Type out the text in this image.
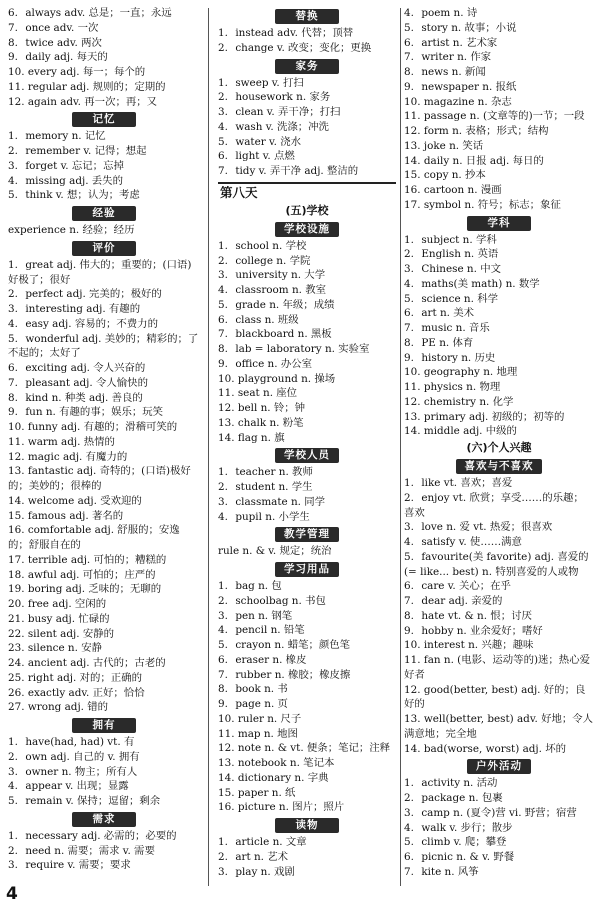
6. always adv. 总是；一直；永远
7. once adv. 一次
8. twice adv. 两次
9. daily adj. 每天的
10. every adj. 每一；每个的
11. regular adj. 规则的；定期的
12. again adv. 再一次；再；又
记忆
1. memory n. 记忆
2. remember v. 记得；想起
3. forget v. 忘记；忘掉
4. missing adj. 丢失的
5. think v. 想；认为；考虑
经验
experience n. 经验；经历
评价
1. great adj. 伟大的；重要的；(口语)好极了；很好
2. perfect adj. 完美的；极好的
3. interesting adj. 有趣的
4. easy adj. 容易的；不费力的
5. wonderful adj. 美妙的；精彩的；了不起的；太好了
6. exciting adj. 令人兴奋的
7. pleasant adj. 令人愉快的
8. kind n. 种类 adj. 善良的
9. fun n. 有趣的事；娱乐；玩笑
10. funny adj. 有趣的；滑稽可笑的
11. warm adj. 热情的
12. magic adj. 有魔力的
13. fantastic adj. 奇特的；(口语)极好的；美妙的；很棒的
14. welcome adj. 受欢迎的
15. famous adj. 著名的
16. comfortable adj. 舒服的；安逸的；舒服自在的
17. terrible adj. 可怕的；糟糕的
18. awful adj. 可怕的；庄严的
19. boring adj. 乏味的；无聊的
20. free adj. 空闲的
21. busy adj. 忙碌的
22. silent adj. 安静的
23. silence n. 安静
24. ancient adj. 古代的；古老的
25. right adj. 对的；正确的
26. exactly adv. 正好；恰恰
27. wrong adj. 错的
拥有
1. have(had, had) vt. 有
2. own adj. 自己的 v. 拥有
3. owner n. 物主；所有人
4. appear v. 出现；显露
5. remain v. 保持；逗留；剩余
需求
1. necessary adj. 必需的；必要的
2. need n. 需要；需求 v. 需要
3. require v. 需要；要求
替换
1. instead adv. 代替；顶替
2. change v. 改变；变化；更换
家务
1. sweep v. 打扫
2. housework n. 家务
3. clean v. 弄干净；打扫
4. wash v. 洗涤；冲洗
5. water v. 浇水
6. light v. 点燃
7. tidy v. 弄干净 adj. 整洁的
第八天
(五)学校
学校设施
1. school n. 学校
2. college n. 学院
3. university n. 大学
4. classroom n. 教室
5. grade n. 年级；成绩
6. class n. 班级
7. blackboard n. 黑板
8. lab = laboratory n. 实验室
9. office n. 办公室
10. playground n. 操场
11. seat n. 座位
12. bell n. 铃；钟
13. chalk n. 粉笔
14. flag n. 旗
学校人员
1. teacher n. 教师
2. student n. 学生
3. classmate n. 同学
4. pupil n. 小学生
教学管理
rule n. & v. 规定；统治
学习用品
1. bag n. 包
2. schoolbag n. 书包
3. pen n. 钢笔
4. pencil n. 铅笔
5. crayon n. 蜡笔；颜色笔
6. eraser n. 橡皮
7. rubber n. 橡胶；橡皮擦
8. book n. 书
9. page n. 页
10. ruler n. 尺子
11. map n. 地图
12. note n. & vt. 便条；笔记；注释
13. notebook n. 笔记本
14. dictionary n. 字典
15. paper n. 纸
16. picture n. 图片；照片
读物
1. article n. 文章
2. art n. 艺术
3. play n. 戏剧
4. poem n. 诗
5. story n. 故事；小说
6. artist n. 艺术家
7. writer n. 作家
8. news n. 新闻
9. newspaper n. 报纸
10. magazine n. 杂志
11. passage n. (文章等的)一节；一段
12. form n. 表格；形式；结构
13. joke n. 笑话
14. daily n. 日报 adj. 每日的
15. copy n. 抄本
16. cartoon n. 漫画
17. symbol n. 符号；标志；象征
学科
1. subject n. 学科
2. English n. 英语
3. Chinese n. 中文
4. maths(美 math) n. 数学
5. science n. 科学
6. art n. 美术
7. music n. 音乐
8. PE n. 体育
9. history n. 历史
10. geography n. 地理
11. physics n. 物理
12. chemistry n. 化学
13. primary adj. 初级的；初等的
14. middle adj. 中级的
(六)个人兴趣
喜欢与不喜欢
1. like vt. 喜欢；喜爱
2. enjoy vt. 欣赏；享受……的乐趣；喜欢
3. love n. 爱 vt. 热爱；很喜欢
4. satisfy v. 使……满意
5. favourite(美 favorite) adj. 喜爱的(= like... best) n. 特别喜爱的人或物
6. care v. 关心；在乎
7. dear adj. 亲爱的
8. hate vt. & n. 恨；讨厌
9. hobby n. 业余爱好；嗜好
10. interest n. 兴趣；趣味
11. fan n. (电影、运动等的)迷；热心爱好者
12. good(better, best) adj. 好的；良好的
13. well(better, best) adv. 好地；令人满意地；完全地
14. bad(worse, worst) adj. 坏的
户外活动
1. activity n. 活动
2. package n. 包裹
3. camp n. (夏令)营 vi. 野营；宿营
4. walk v. 步行；散步
5. climb v. 爬；攀登
6. picnic n. & v. 野餐
7. kite n. 风筝
4
